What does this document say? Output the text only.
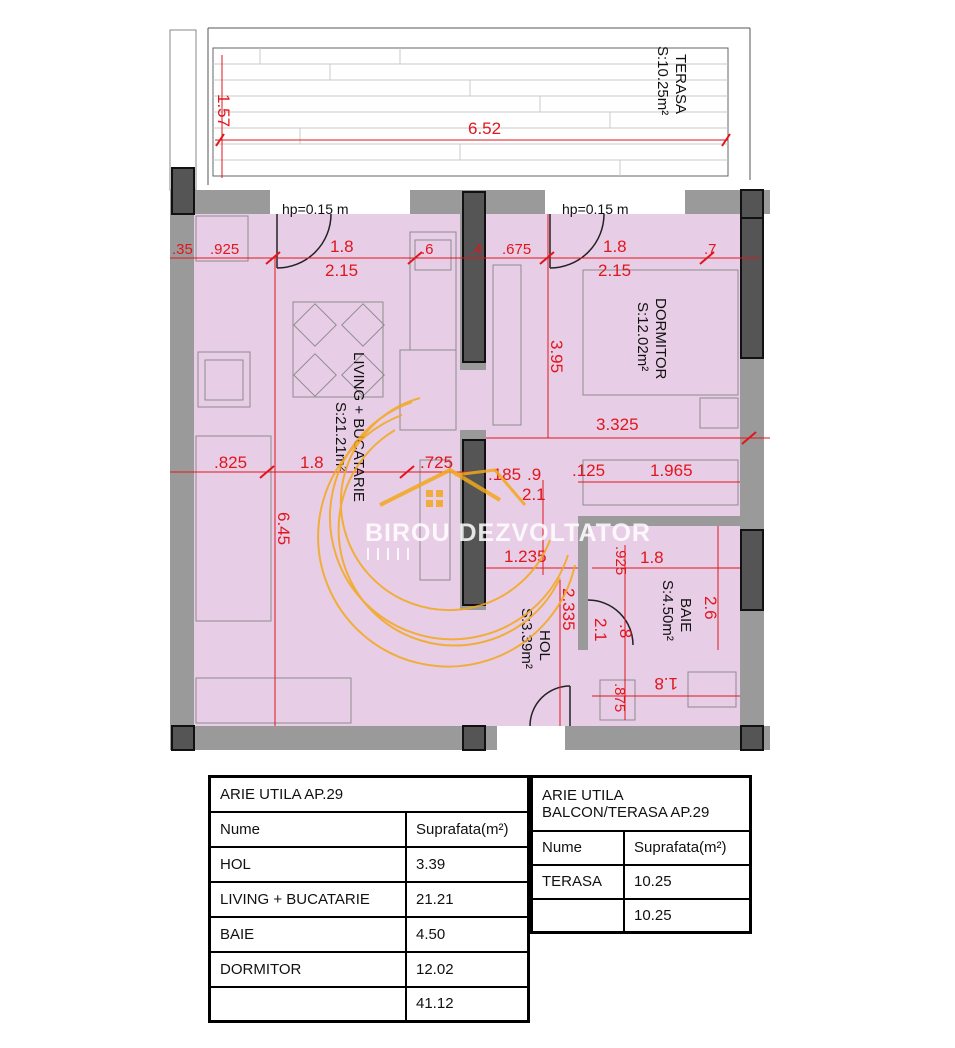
hp=0.15 m	hp=0.15 m
1.57
6.52
.35 .925	1.8
2.15
.6 .4 .675	1.8
2.15
.7
3.95
3.325
.825	1.8	.725
6.45
.185 .9
2.1
1.235
2.335
.125	1.965
.925 1.8
2.6
2.1 .8
.875 1.8
TERASA
S:10.25m²
DORMITOR
S:12.02m²
LIVING + BUCATARIE
S:21.21m²
BAIE
S:4.50m²
HOL
S:3.39m²
BIROU DEZVOLTATOR
ARIE UTILA AP.29	
Nume	Suprafata(m²)
HOL	3.39
LIVING + BUCATARIE	21.21
BAIE	4.50
DORMITOR	12.02
	41.12
ARIE UTILA
BALCON/TERASA AP.29	

Nume	Suprafata(m²)
TERASA	10.25
	10.25
